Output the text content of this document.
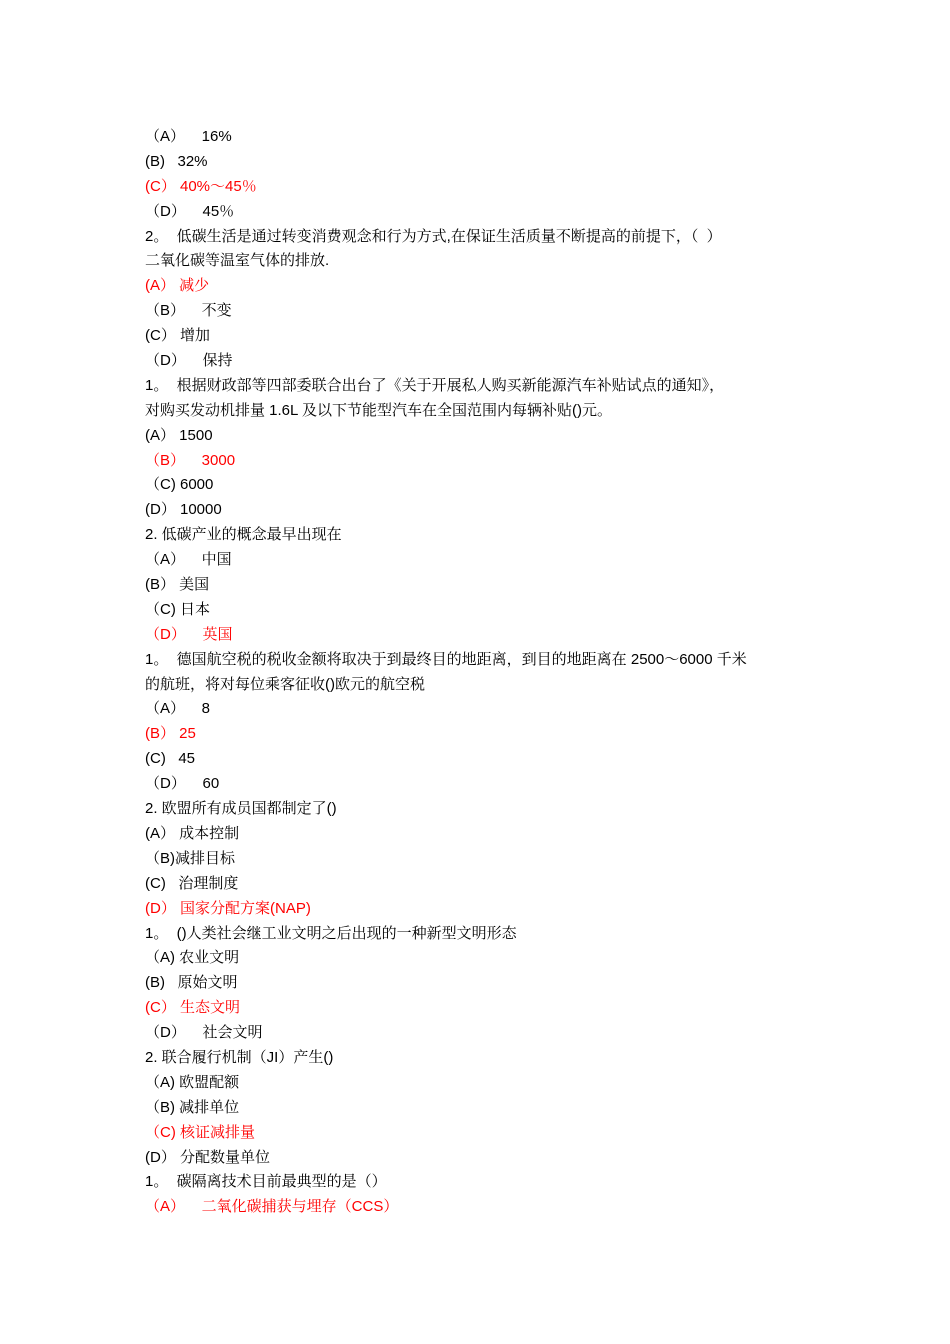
（A）    16%
(B)   32%
(C） 40%～45％
（D）    45％
2。  低碳生活是通过转变消费观念和行为方式,在保证生活质量不断提高的前提下，（  ）
二氧化碳等温室气体的排放.
(A） 减少
（B）    不变
(C） 增加
（D）    保持
1。  根据财政部等四部委联合出台了《关于开展私人购买新能源汽车补贴试点的通知》，
对购买发动机排量 1.6L 及以下节能型汽车在全国范围内每辆补贴()元。
(A） 1500
（B）    3000
（C) 6000
(D） 10000
2. 低碳产业的概念最早出现在
（A）    中国
(B） 美国
（C) 日本
（D）    英国
1。  德国航空税的税收金额将取决于到最终目的地距离，到目的地距离在 2500～6000 千米
的航班，将对每位乘客征收()欧元的航空税
（A）    8
(B） 25
(C)   45
（D）    60
2. 欧盟所有成员国都制定了()
(A） 成本控制
（B)减排目标
(C)   治理制度
(D） 国家分配方案(NAP)
1。  ()人类社会继工业文明之后出现的一种新型文明形态
（A) 农业文明
(B)   原始文明
(C） 生态文明
（D）    社会文明
2. 联合履行机制（JI）产生()
（A) 欧盟配额
（B) 减排单位
（C) 核证减排量
(D） 分配数量单位
1。  碳隔离技术目前最典型的是（）
（A）    二氧化碳捕获与埋存（CCS）
